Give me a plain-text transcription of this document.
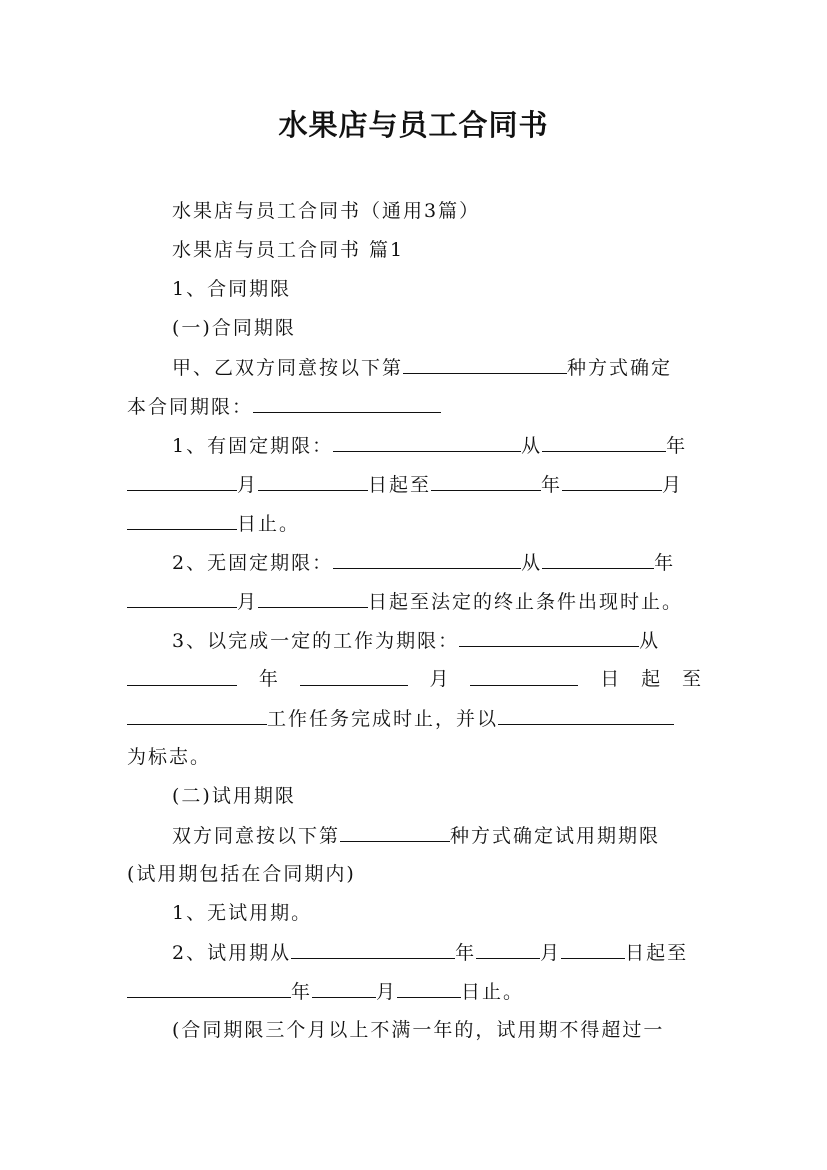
水果店与员工合同书
水果店与员工合同书（通用3篇）
水果店与员工合同书 篇1
1、合同期限
(一)合同期限
甲、乙双方同意按以下第	种方式确定
本合同期限：
1、有固定期限：	从	年
月	日起至	年	月
日止。
2、无固定期限：	从	年
月	日起至法定的终止条件出现时止。
3、以完成一定的工作为期限：	从
年	月	日 起 至
工作任务完成时止，并以
为标志。
(二)试用期限
双方同意按以下第	种方式确定试用期期限
(试用期包括在合同期内)
1、无试用期。
2、试用期从	年	月	日起至
年	月	日止。
(合同期限三个月以上不满一年的，试用期不得超过一
